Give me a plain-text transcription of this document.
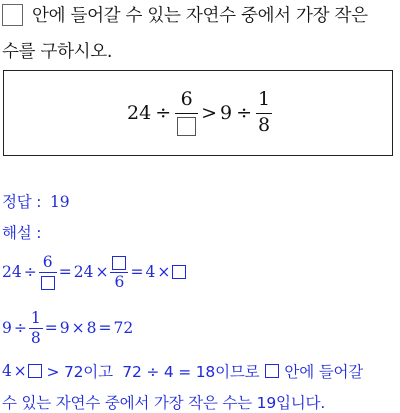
안에 들어갈 수 있는 자연수 중에서 가장 작은
수를 구하시오.
24 ÷
6
> $9 \div \frac{1}{8}$
정답 : 19
해설 :
24 ÷
6
= 24 ×
6
= 4 ×
$9 \div \frac{1}{8} = 9 \times 8 = 72$
4 × > 72이고  72 ÷ 4 = 18이므로 안에 들어갈
수 있는 자연수 중에서 가장 작은 수는 19입니다.
